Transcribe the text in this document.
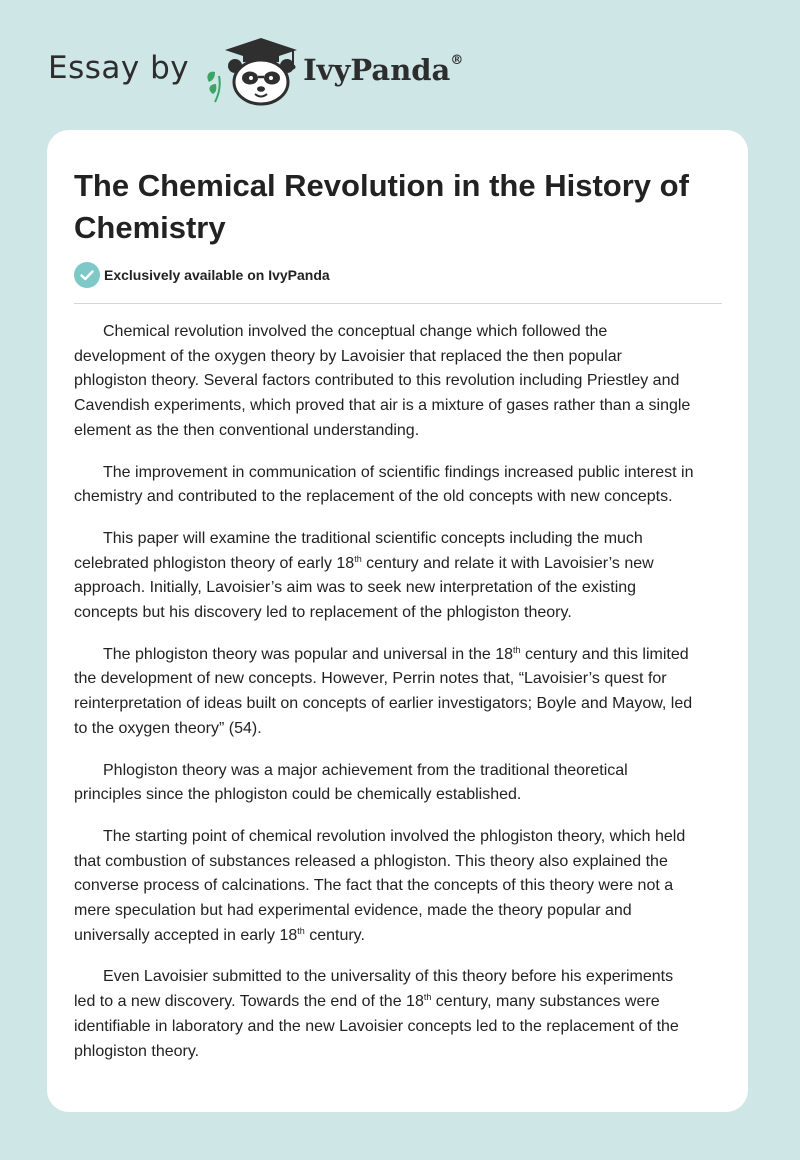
Essay by	IvyPanda®
The Chemical Revolution in the History of Chemistry
Exclusively available on IvyPanda

Chemical revolution involved the conceptual change which followed the
development of the oxygen theory by Lavoisier that replaced the then popular
phlogiston theory. Several factors contributed to this revolution including Priestley and
Cavendish experiments, which proved that air is a mixture of gases rather than a single
element as the then conventional understanding.

The improvement in communication of scientific findings increased public interest in
chemistry and contributed to the replacement of the old concepts with new concepts.

This paper will examine the traditional scientific concepts including the much
celebrated phlogiston theory of early 18th century and relate it with Lavoisier’s new
approach. Initially, Lavoisier’s aim was to seek new interpretation of the existing
concepts but his discovery led to replacement of the phlogiston theory.

The phlogiston theory was popular and universal in the 18th century and this limited
the development of new concepts. However, Perrin notes that, “Lavoisier’s quest for
reinterpretation of ideas built on concepts of earlier investigators; Boyle and Mayow, led
to the oxygen theory” (54).

Phlogiston theory was a major achievement from the traditional theoretical
principles since the phlogiston could be chemically established.

The starting point of chemical revolution involved the phlogiston theory, which held
that combustion of substances released a phlogiston. This theory also explained the
converse process of calcinations. The fact that the concepts of this theory were not a
mere speculation but had experimental evidence, made the theory popular and
universally accepted in early 18th century.

Even Lavoisier submitted to the universality of this theory before his experiments
led to a new discovery. Towards the end of the 18th century, many substances were
identifiable in laboratory and the new Lavoisier concepts led to the replacement of the
phlogiston theory.
